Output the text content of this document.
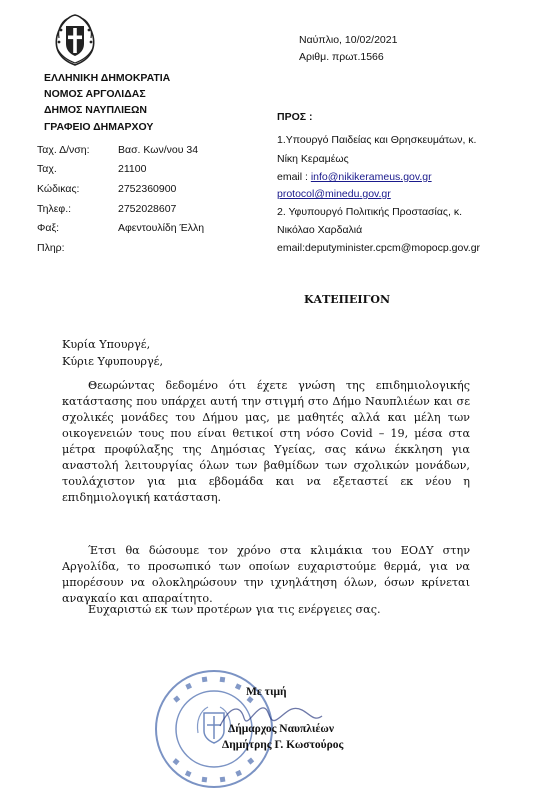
ΕΛΛΗΝΙΚΗ ΔΗΜΟΚΡΑΤΙΑ
ΝΟΜΟΣ ΑΡΓΟΛΙΔΑΣ
ΔΗΜΟΣ ΝΑΥΠΛΙΕΩΝ
ΓΡΑΦΕΙΟ ΔΗΜΑΡΧΟΥ
Ταχ. Δ/νση:	Βασ. Κων/νου 34
Ταχ.	21100
Κώδικας:	2752360900
Τηλεφ.:	2752028607
Φαξ:	Αφεντουλίδη Έλλη
Πληρ:
Ναύπλιο, 10/02/2021
Αριθμ. πρωτ.1566
ΠΡΟΣ :
1.Υπουργό Παιδείας και Θρησκευμάτων, κ.
Νίκη Κεραμέως
email : info@nikikerameus.gov.gr
protocol@minedu.gov.gr
2. Υφυπουργό Πολιτικής Προστασίας, κ.
Νικόλαο Χαρδαλιά
email:deputyminister.cpcm@mopocp.gov.gr
ΚΑΤΕΠΕΙΓΟΝ
Κυρία Υπουργέ,
Κύριε Υφυπουργέ,
Θεωρώντας δεδομένο ότι έχετε γνώση της επιδημιολογικής κατάστασης που υπάρχει αυτή την στιγμή στο Δήμο Ναυπλιέων και σε σχολικές μονάδες του Δήμου μας, με μαθητές αλλά και μέλη των οικογενειών τους που είναι θετικοί στη νόσο Covid – 19, μέσα στα μέτρα προφύλαξης της Δημόσιας Υγείας, σας κάνω έκκληση για αναστολή λειτουργίας όλων των βαθμίδων των σχολικών μονάδων, τουλάχιστον για μια εβδομάδα και να εξεταστεί εκ νέου η επιδημιολογική κατάσταση.
Έτσι θα δώσουμε τον χρόνο στα κλιμάκια του ΕΟΔΥ στην Αργολίδα, το προσωπικό των οποίων ευχαριστούμε θερμά, για να μπορέσουν να ολοκληρώσουν την ιχνηλάτηση όλων, όσων κρίνεται αναγκαίο και απαραίτητο.
Ευχαριστώ εκ των προτέρων για τις ενέργειες σας.
Με τιμή
Δήμαρχος Ναυπλιέων
Δημήτρης Γ. Κωστούρος
